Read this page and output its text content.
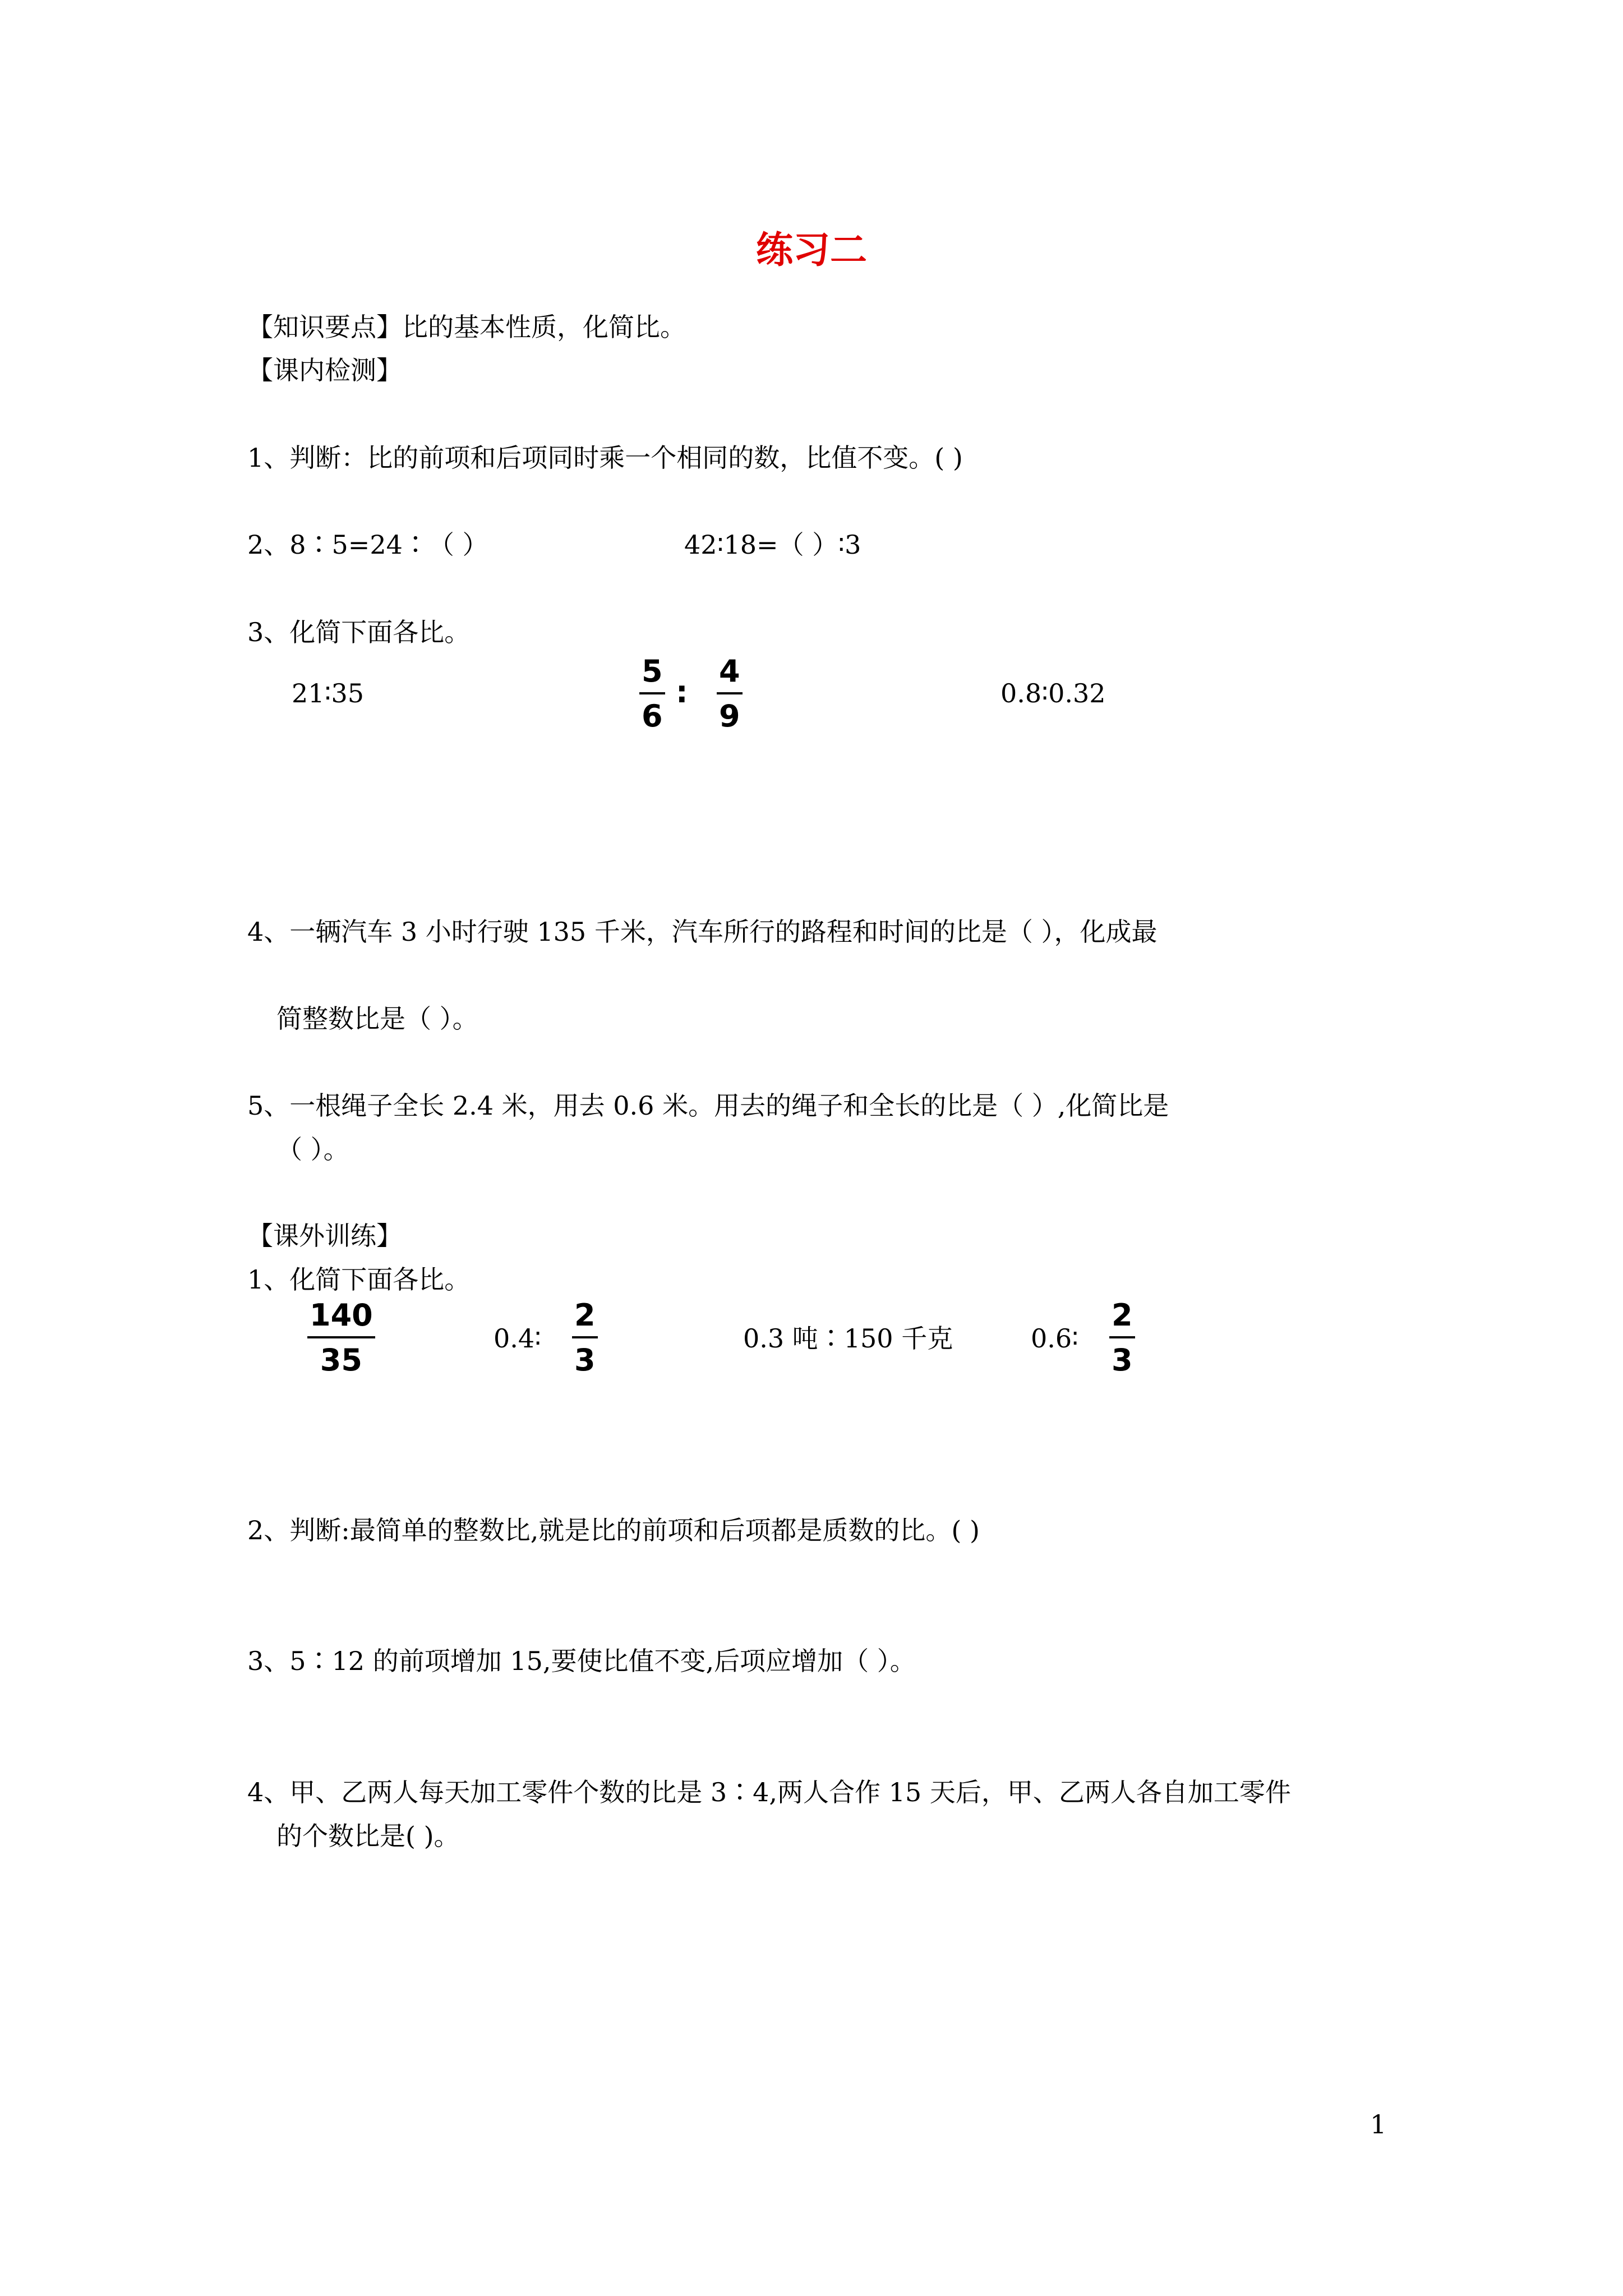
练习二
【知识要点】比的基本性质，化简比。
【课内检测】
1、判断：比的前项和后项同时乘一个相同的数，比值不变。( )
2、8∶5=24∶（ ）	42∶18=（ ）∶3
3、化简下面各比。
21∶35
5
6
:
4
9
0.8∶0.32
4、一辆汽车 3 小时行驶 135 千米，汽车所行的路程和时间的比是（ ），化成最
简整数比是（ ）。
5、一根绳子全长 2.4 米，用去 0.6 米。用去的绳子和全长的比是（ ）,化简比是
（ ）。
【课外训练】
1、化简下面各比。
140
35
0.4∶
2
3
0.3 吨∶150 千克	0.6∶
2
3
2、判断:最简单的整数比,就是比的前项和后项都是质数的比。( )
3、5∶12 的前项增加 15,要使比值不变,后项应增加（ ）。
4、甲、乙两人每天加工零件个数的比是 3∶4,两人合作 15 天后，甲、乙两人各自加工零件
的个数比是( )。
1
